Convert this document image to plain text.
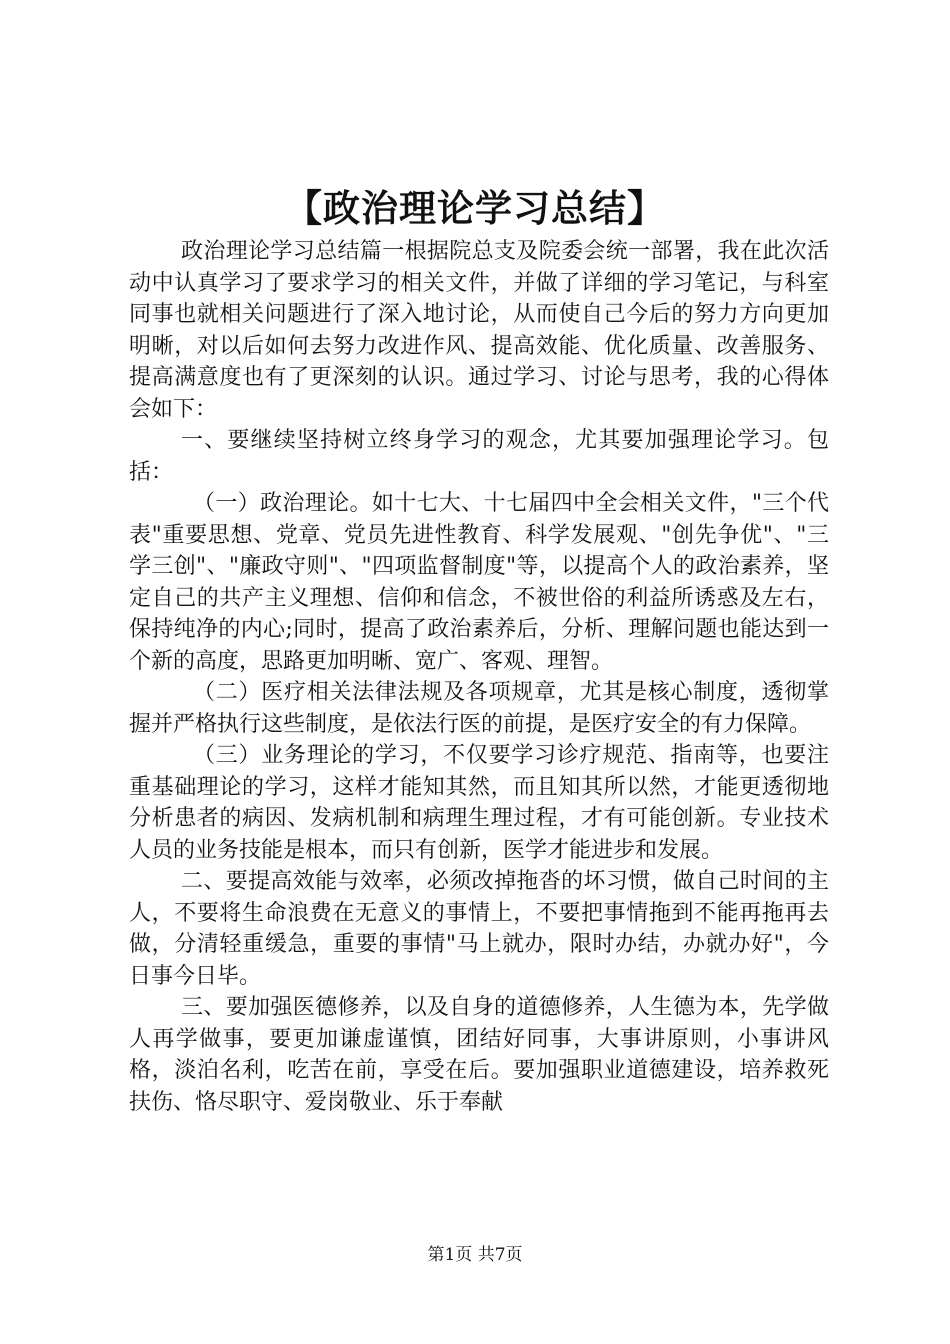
【政治理论学习总结】

政治理论学习总结篇一根据院总支及院委会统一部署，我在此次活动中认真学习了要求学习的相关文件，并做了详细的学习笔记，与科室同事也就相关问题进行了深入地讨论，从而使自己今后的努力方向更加明晰，对以后如何去努力改进作风、提高效能、优化质量、改善服务、提高满意度也有了更深刻的认识。通过学习、讨论与思考，我的心得体会如下：

一、要继续坚持树立终身学习的观念，尤其要加强理论学习。包括：

（一）政治理论。如十七大、十七届四中全会相关文件，"三个代表"重要思想、党章、党员先进性教育、科学发展观、"创先争优"、"三学三创"、"廉政守则"、"四项监督制度"等，以提高个人的政治素养，坚定自己的共产主义理想、信仰和信念，不被世俗的利益所诱惑及左右，保持纯净的内心;同时，提高了政治素养后，分析、理解问题也能达到一个新的高度，思路更加明晰、宽广、客观、理智。

（二）医疗相关法律法规及各项规章，尤其是核心制度，透彻掌握并严格执行这些制度，是依法行医的前提，是医疗安全的有力保障。

（三）业务理论的学习，不仅要学习诊疗规范、指南等，也要注重基础理论的学习，这样才能知其然，而且知其所以然，才能更透彻地分析患者的病因、发病机制和病理生理过程，才有可能创新。专业技术人员的业务技能是根本，而只有创新，医学才能进步和发展。

二、要提高效能与效率，必须改掉拖沓的坏习惯，做自己时间的主人，不要将生命浪费在无意义的事情上，不要把事情拖到不能再拖再去做，分清轻重缓急，重要的事情"马上就办，限时办结，办就办好"，今日事今日毕。

三、要加强医德修养，以及自身的道德修养，人生德为本，先学做人再学做事，要更加谦虚谨慎，团结好同事，大事讲原则，小事讲风格，淡泊名利，吃苦在前，享受在后。要加强职业道德建设，培养救死扶伤、恪尽职守、爱岗敬业、乐于奉献

第1页 共7页
